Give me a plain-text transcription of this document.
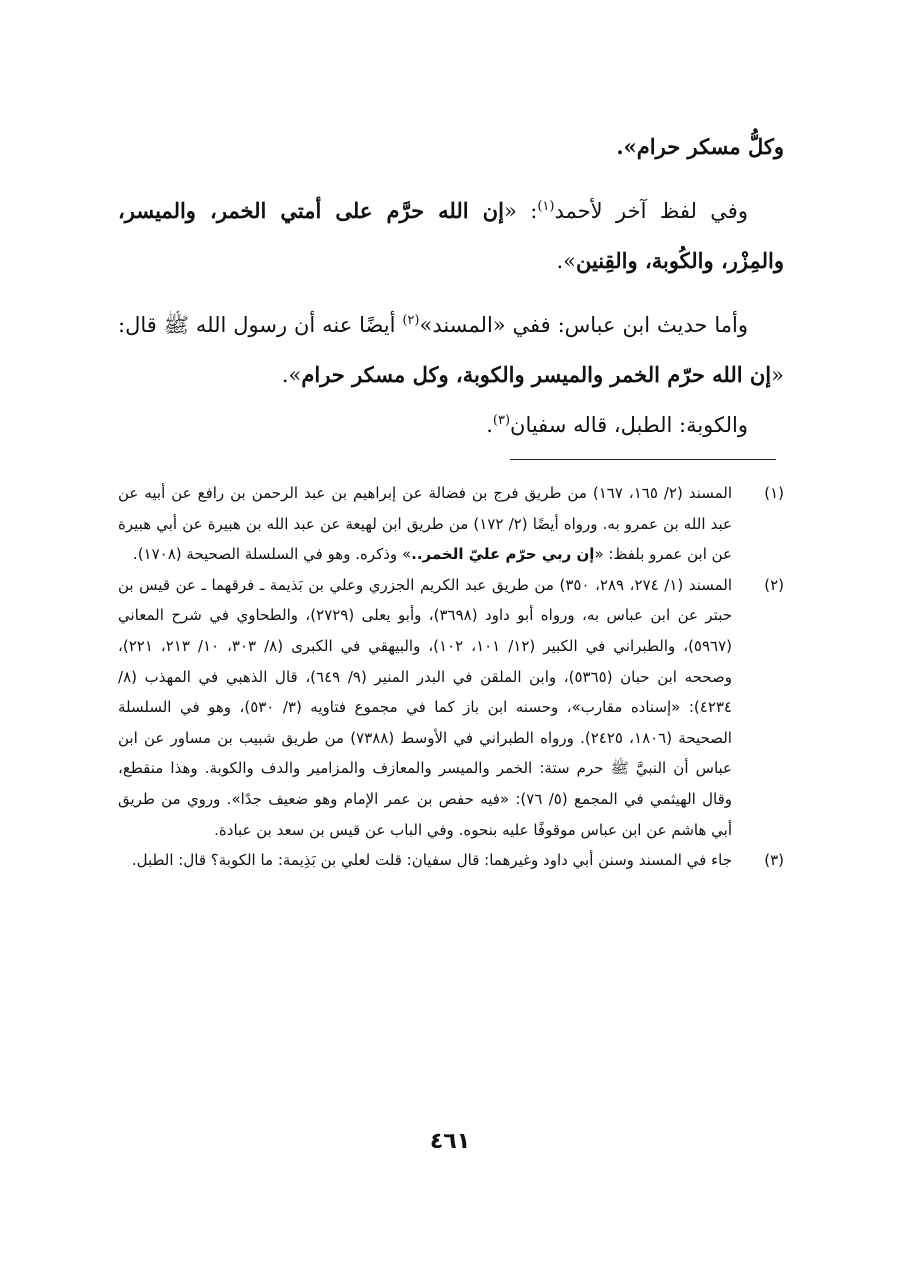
وكلُّ مسكر حرام».

وفي لفظ آخر لأحمد$^{(١)}$: «إن الله حرَّم على أمتي الخمر، والميسر، والمِزْر، والكُوبة، والقِنين».

وأما حديث ابن عباس: ففي «المسند»$^{(٢)}$ أيضًا عنه أن رسول الله ﷺ قال: «إن الله حرّم الخمر والميسر والكوبة، وكل مسكر حرام».

والكوبة: الطبل، قاله سفيان$^{(٣)}$.

(١)
المسند (٢/ ١٦٥، ١٦٧) من طريق فرج بن فضالة عن إبراهيم بن عبد الرحمن بن رافع عن أبيه عن عبد الله بن عمرو به. ورواه أيضًا (٢/ ١٧٢) من طريق ابن لهيعة عن عبد الله بن هبيرة عن أبي هبيرة عن ابن عمرو بلفظ: «إن ربي حرّم عليّ الخمر..» وذكره. وهو في السلسلة الصحيحة (١٧٠٨).

(٢)
المسند (١/ ٢٧٤، ٢٨٩، ٣٥٠) من طريق عبد الكريم الجزري وعلي بن بَذيمة ـ فرقهما ـ عن قيس بن حبتر عن ابن عباس به، ورواه أبو داود (٣٦٩٨)، وأبو يعلى (٢٧٢٩)، والطحاوي في شرح المعاني (٥٩٦٧)، والطبراني في الكبير (١٢/ ١٠١، ١٠٢)، والبيهقي في الكبرى (٨/ ٣٠٣، ١٠/ ٢١٣، ٢٢١)، وصححه ابن حبان (٥٣٦٥)، وابن الملقن في البدر المنير (٩/ ٦٤٩)، قال الذهبي في المهذب (٨/ ٤٢٣٤): «إسناده مقارب»، وحسنه ابن باز كما في مجموع فتاويه (٣/ ٥٣٠)، وهو في السلسلة الصحيحة (١٨٠٦، ٢٤٢٥). ورواه الطبراني في الأوسط (٧٣٨٨) من طريق شبيب بن مساور عن ابن عباس أن النبيَّ ﷺ حرم ستة: الخمر والميسر والمعازف والمزامير والدف والكوبة. وهذا منقطع، وقال الهيثمي في المجمع (٥/ ٧٦): «فيه حفص بن عمر الإمام وهو ضعيف جدًا». وروي من طريق أبي هاشم عن ابن عباس موقوفًا عليه بنحوه. وفي الباب عن قيس بن سعد بن عبادة.

(٣)
جاء في المسند وسنن أبي داود وغيرهما: قال سفيان: قلت لعلي بن بَذِيمة: ما الكوبة؟ قال: الطبل.

٤٦١
